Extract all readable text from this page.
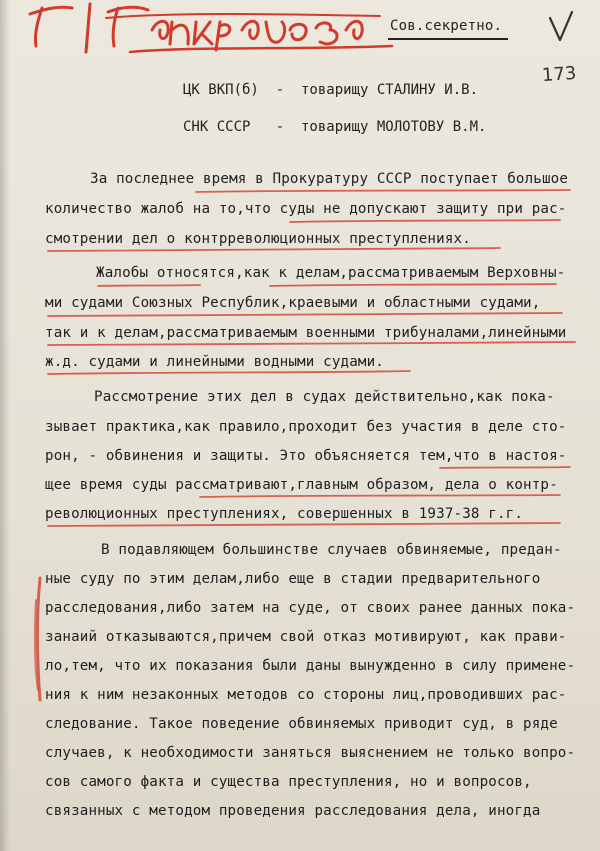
Сов.секретно.
173
ЦК ВКП(б)  -  товарищу СТАЛИНУ И.В.
СНК СССР   -  товарищу МОЛОТОВУ В.М.
За последнее время в Прокуратуру СССР поступает большое
количество жалоб на то,что суды не допускают защиту при рас-
смотрении дел о контрреволюционных преступлениях.
Жалобы относятся,как к делам,рассматриваемым Верховны-
ми судами Союзных Республик,краевыми и областными судами,
так и к делам,рассматриваемым военными трибуналами,линейными
ж.д. судами и линейными водными судами.
Рассмотрение этих дел в судах действительно,как пока-
зывает практика,как правило,проходит без участия в деле сто-
рон, - обвинения и защиты. Это объясняется тем,что в настоя-
щее время суды рассматривают,главным образом, дела о контр-
революционных преступлениях, совершенных в 1937-38 г.г.
В подавляющем большинстве случаев обвиняемые, предан-
ные суду по этим делам,либо еще в стадии предварительного
расследования,либо затем на суде, от своих ранее данных пока-
занаий отказываются,причем свой отказ мотивируют, как прави-
ло,тем, что их показания были даны вынужденно в силу примене-
ния к ним незаконных методов со стороны лиц,проводивших рас-
следование. Такое поведение обвиняемых приводит суд, в ряде
случаев, к необходимости заняться выяснением не только вопро-
сов самого факта и существа преступления, но и вопросов,
связанных с методом проведения расследования дела, иногда
